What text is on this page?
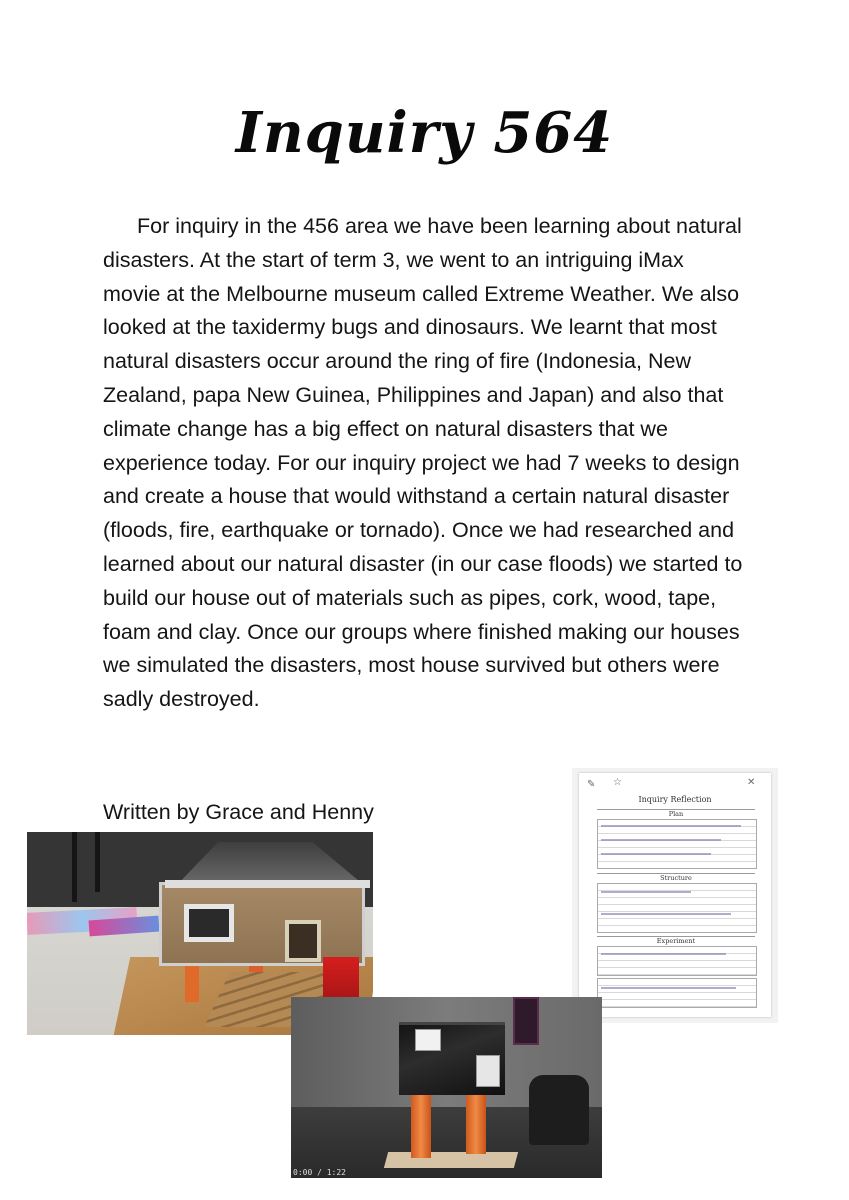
Inquiry 564

For inquiry in the 456 area we have been learning about natural disasters. At the start of term 3, we went to an intriguing iMax movie at the Melbourne museum called Extreme Weather. We also looked at the taxidermy bugs and dinosaurs. We learnt that most natural disasters occur around the ring of fire (Indonesia, New Zealand, papa New Guinea, Philippines and Japan) and also that climate change has a big effect on natural disasters that we experience today. For our inquiry project we had 7 weeks to design and create a house that would withstand a certain natural disaster (floods, fire, earthquake or tornado). Once we had researched and learned about our natural disaster (in our case floods) we started to build our house out of materials such as pipes, cork, wood, tape, foam and clay. Once our groups where finished making our houses we simulated the disasters, most house survived but others were sadly destroyed.

Written by Grace and Henny
✎ ☆	✕
Inquiry Reflection
Plan
Structure
Experiment
0:00 / 1:22
